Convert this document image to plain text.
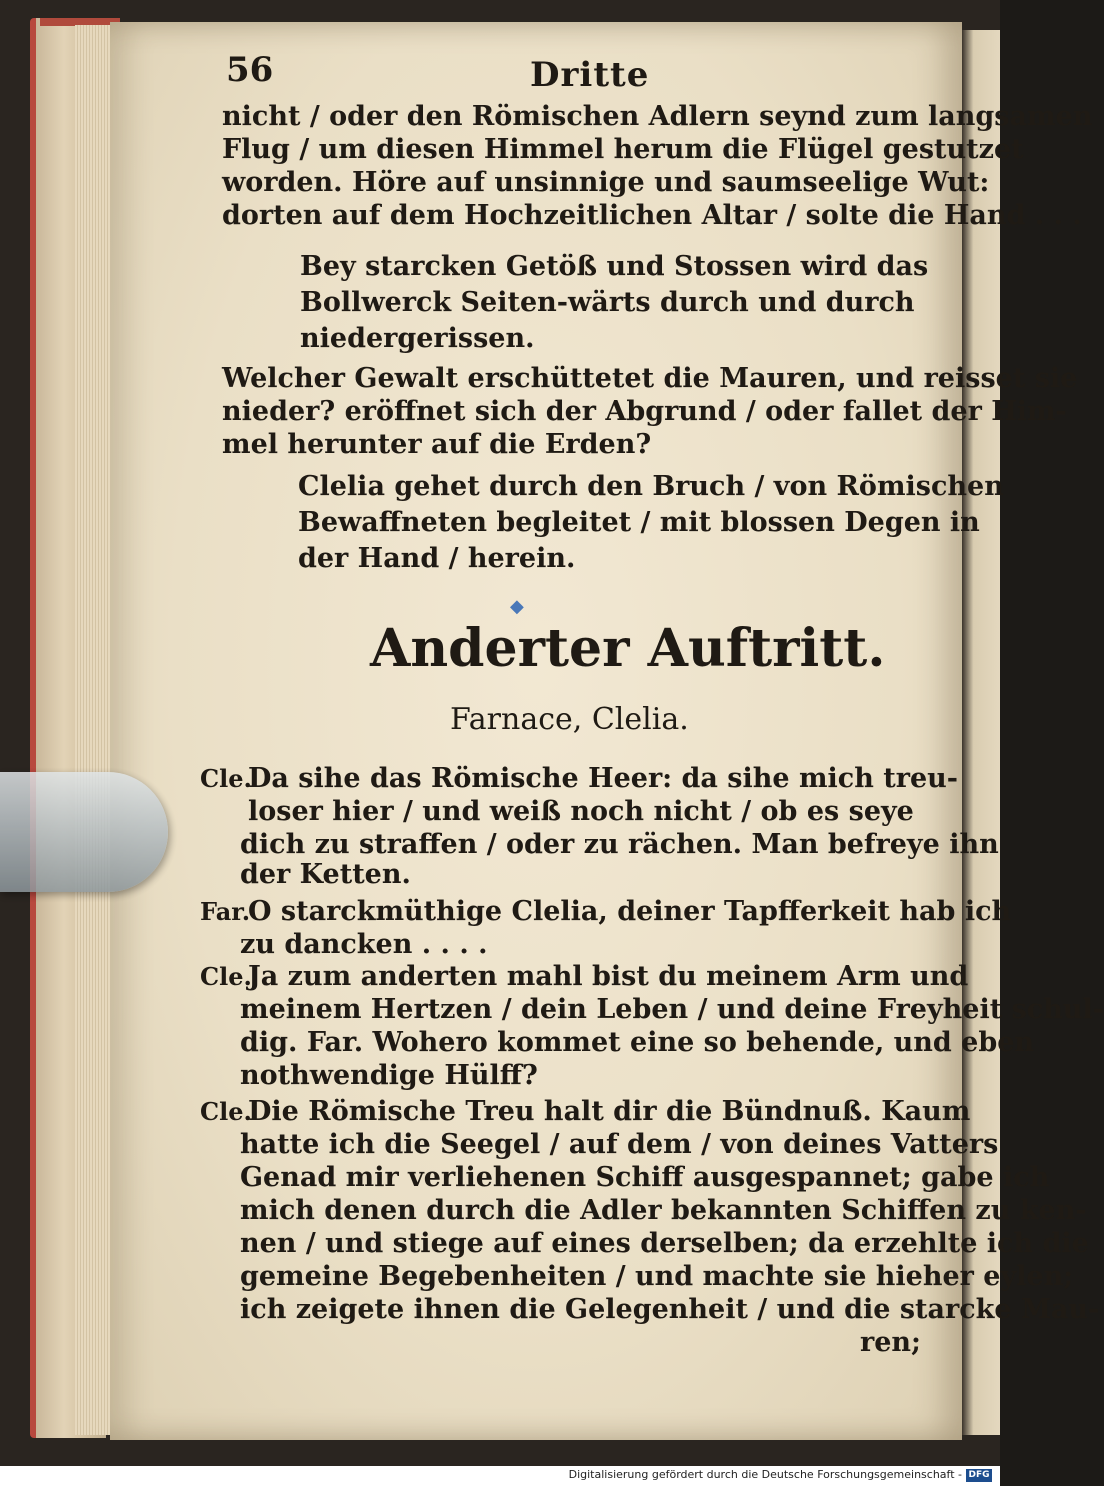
56	Dritte
nicht / oder den Römischen Adlern seynd zum langsamen
Flug / um diesen Himmel herum die Flügel gestutzet
worden. Höre auf unsinnige und saumseelige Wut:
dorten auf dem Hochzeitlichen Altar / solte die Hand . . .
Bey starcken Getöß und Stossen wird das
Bollwerck Seiten-wärts durch und durch
niedergerissen.
Welcher Gewalt erschüttetet die Mauren, und reisset sie
nieder? eröffnet sich der Abgrund / oder fallet der Him-
mel herunter auf die Erden?
Clelia gehet durch den Bruch / von Römischen
Bewaffneten begleitet / mit blossen Degen in
der Hand / herein.
◆
Anderter Auftritt.
Farnace, Clelia.
Cle.Da sihe das Römische Heer: da sihe mich treu-
loser hier / und weiß noch nicht / ob es seye
dich zu straffen / oder zu rächen. Man befreye ihn
der Ketten.
Far.O starckmüthige Clelia, deiner Tapfferkeit hab ich
zu dancken . . . .
Cle.Ja zum anderten mahl bist du meinem Arm und
meinem Hertzen / dein Leben / und deine Freyheit schul-
dig. Far. Wohero kommet eine so behende, und eben
nothwendige Hülff?
Cle.Die Römische Treu halt dir die Bündnuß. Kaum
hatte ich die Seegel / auf dem / von deines Vatters
Genad mir verliehenen Schiff ausgespannet; gabe ich
mich denen durch die Adler bekannten Schiffen zu ken-
nen / und stiege auf eines derselben; da erzehlte ich die
gemeine Begebenheiten / und machte sie hieher eylen;
ich zeigete ihnen die Gelegenheit / und die starcke Mau-
ren;
Digitalisierung gefördert durch die Deutsche Forschungsgemeinschaft - DFG
